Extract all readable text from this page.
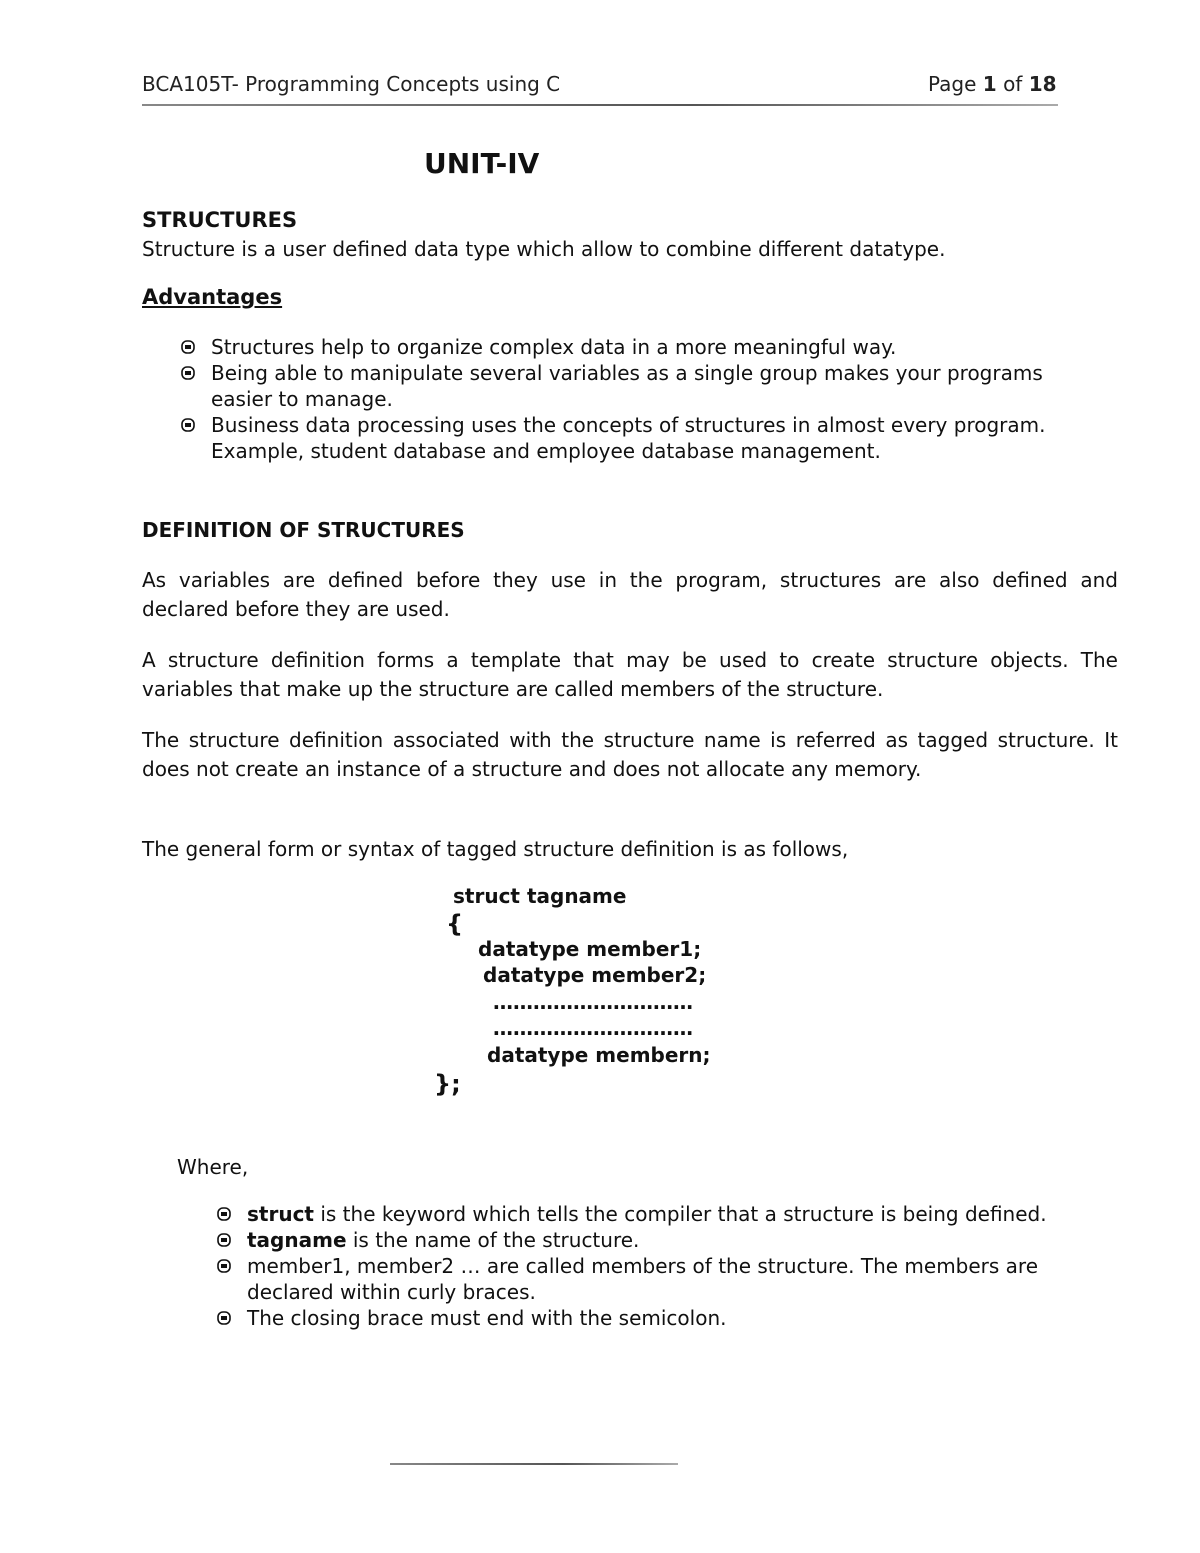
BCA105T- Programming Concepts using C	Page 1 of 18
UNIT-IV
STRUCTURES
Structure is a user defined data type which allow to combine different datatype.
Advantages
Structures help to organize complex data in a more meaningful way.
Being able to manipulate several variables as a single group makes your programs
easier to manage.
Business data processing uses the concepts of structures in almost every program.
Example, student database and employee database management.
DEFINITION OF STRUCTURES
As variables are defined before they use in the program, structures are also defined and declared before they are used.
A structure definition forms a template that may be used to create structure objects. The variables that make up the structure are called members of the structure.
The structure definition associated with the structure name is referred as tagged structure. It does not create an instance of a structure and does not allocate any memory.
The general form or syntax of tagged structure definition is as follows,
struct tagname
{
datatype member1;
datatype member2;
…………………………
…………………………
datatype membern;
};
Where,
struct is the keyword which tells the compiler that a structure is being defined.
tagname is the name of the structure.
member1, member2 … are called members of the structure. The members are
declared within curly braces.
The closing brace must end with the semicolon.
